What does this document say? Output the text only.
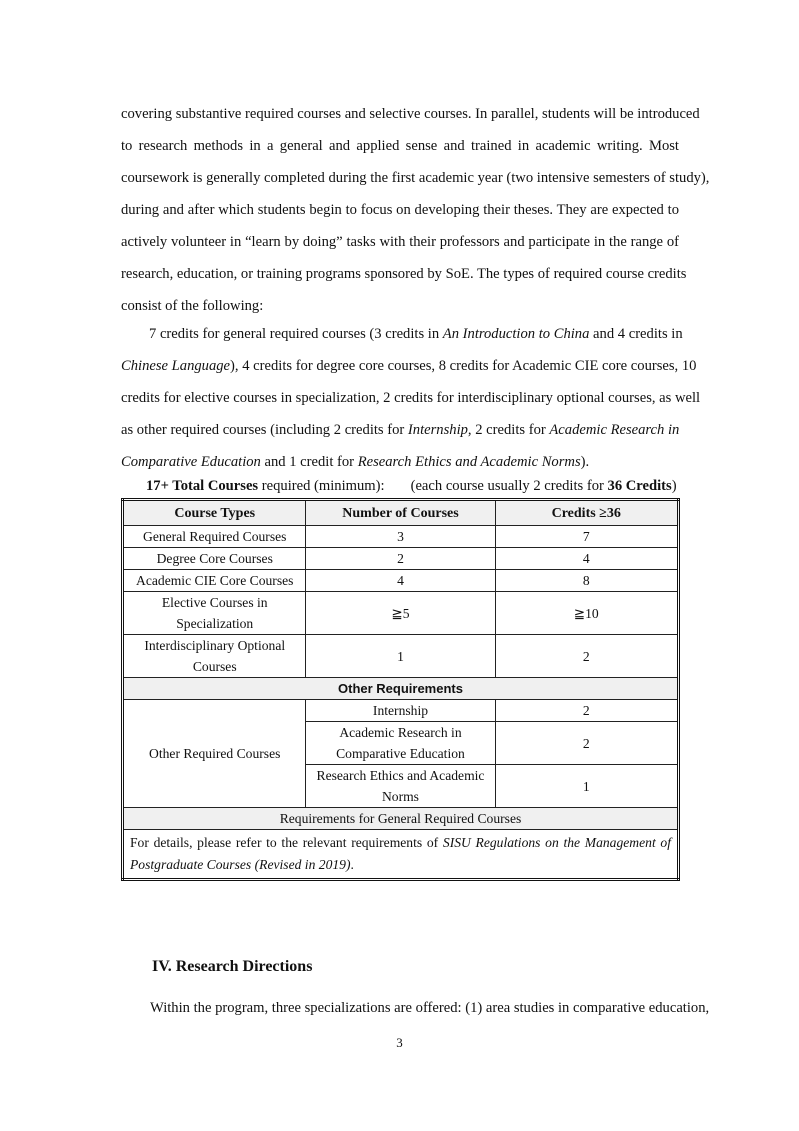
covering substantive required courses and selective courses. In parallel, students will be introduced
to research methods in a general and applied sense and trained in academic writing. Most
coursework is generally completed during the first academic year (two intensive semesters of study),
during and after which students begin to focus on developing their theses. They are expected to
actively volunteer in “learn by doing” tasks with their professors and participate in the range of
research, education, or training programs sponsored by SoE. The types of required course credits
consist of the following:
7 credits for general required courses (3 credits in An Introduction to China and 4 credits in
Chinese Language), 4 credits for degree core courses, 8 credits for Academic CIE core courses, 10
credits for elective courses in specialization, 2 credits for interdisciplinary optional courses, as well
as other required courses (including 2 credits for Internship, 2 credits for Academic Research in
Comparative Education and 1 credit for Research Ethics and Academic Norms).
17+ Total Courses required (minimum): (each course usually 2 credits for 36 Credits)
Course Types	Number of Courses	Credits ≥36
General Required Courses	3	7
Degree Core Courses	2	4
Academic CIE Core Courses	4	8
Elective Courses in
Specialization	≧5	≧10
Interdisciplinary Optional
Courses	1	2
Other Requirements		
Other Required Courses	Internship	2
	Academic Research in
Comparative Education	2
	Research Ethics and Academic
Norms	1
Requirements for General Required Courses		
For details, please refer to the relevant requirements of SISU Regulations on the Management of Postgraduate Courses (Revised in 2019).		
IV. Research Directions
Within the program, three specializations are offered: (1) area studies in comparative education,
3
